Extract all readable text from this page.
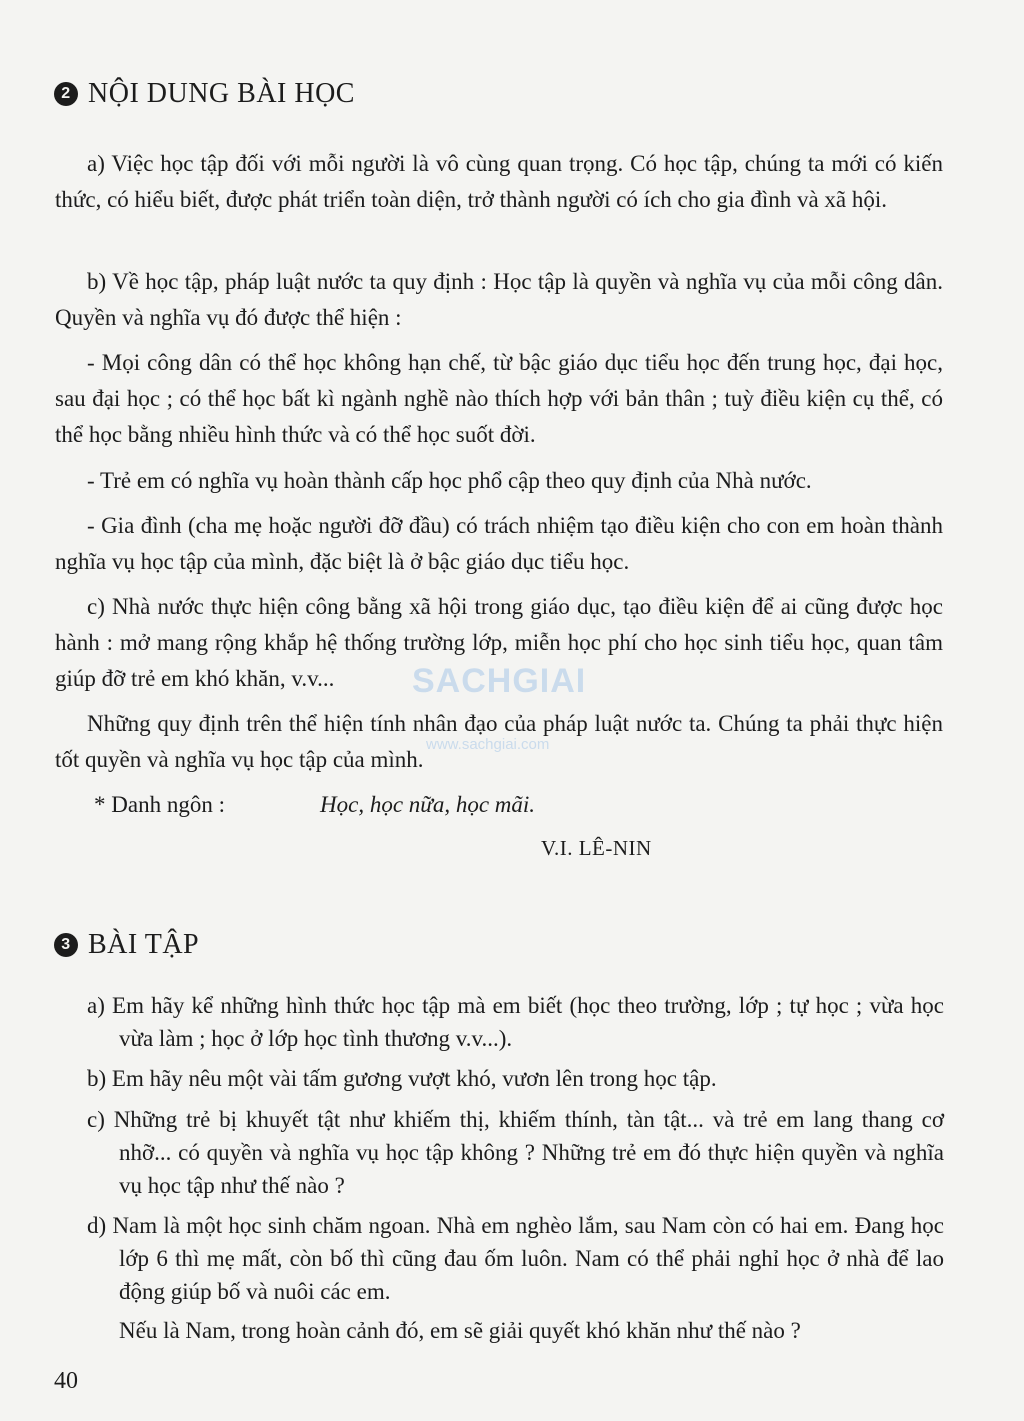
2 NỘI DUNG BÀI HỌC

a) Việc học tập đối với mỗi người là vô cùng quan trọng. Có học tập, chúng ta mới có kiến thức, có hiểu biết, được phát triển toàn diện, trở thành người có ích cho gia đình và xã hội.

b) Về học tập, pháp luật nước ta quy định : Học tập là quyền và nghĩa vụ của mỗi công dân. Quyền và nghĩa vụ đó được thể hiện :

- Mọi công dân có thể học không hạn chế, từ bậc giáo dục tiểu học đến trung học, đại học, sau đại học ; có thể học bất kì ngành nghề nào thích hợp với bản thân ; tuỳ điều kiện cụ thể, có thể học bằng nhiều hình thức và có thể học suốt đời.

- Trẻ em có nghĩa vụ hoàn thành cấp học phổ cập theo quy định của Nhà nước.

- Gia đình (cha mẹ hoặc người đỡ đầu) có trách nhiệm tạo điều kiện cho con em hoàn thành nghĩa vụ học tập của mình, đặc biệt là ở bậc giáo dục tiểu học.

c) Nhà nước thực hiện công bằng xã hội trong giáo dục, tạo điều kiện để ai cũng được học hành : mở mang rộng khắp hệ thống trường lớp, miễn học phí cho học sinh tiểu học, quan tâm giúp đỡ trẻ em khó khăn, v.v...

Những quy định trên thể hiện tính nhân đạo của pháp luật nước ta. Chúng ta phải thực hiện tốt quyền và nghĩa vụ học tập của mình.

* Danh ngôn :	Học, học nữa, học mãi.
V.I. LÊ-NIN
3 BÀI TẬP

a) Em hãy kể những hình thức học tập mà em biết (học theo trường, lớp ; tự học ; vừa học vừa làm ; học ở lớp học tình thương v.v...).

b) Em hãy nêu một vài tấm gương vượt khó, vươn lên trong học tập.

c) Những trẻ bị khuyết tật như khiếm thị, khiếm thính, tàn tật... và trẻ em lang thang cơ nhỡ... có quyền và nghĩa vụ học tập không ? Những trẻ em đó thực hiện quyền và nghĩa vụ học tập như thế nào ?

d) Nam là một học sinh chăm ngoan. Nhà em nghèo lắm, sau Nam còn có hai em. Đang học lớp 6 thì mẹ mất, còn bố thì cũng đau ốm luôn. Nam có thể phải nghỉ học ở nhà để lao động giúp bố và nuôi các em.

Nếu là Nam, trong hoàn cảnh đó, em sẽ giải quyết khó khăn như thế nào ?

SACHGIAI
www.sachgiai.com
40
